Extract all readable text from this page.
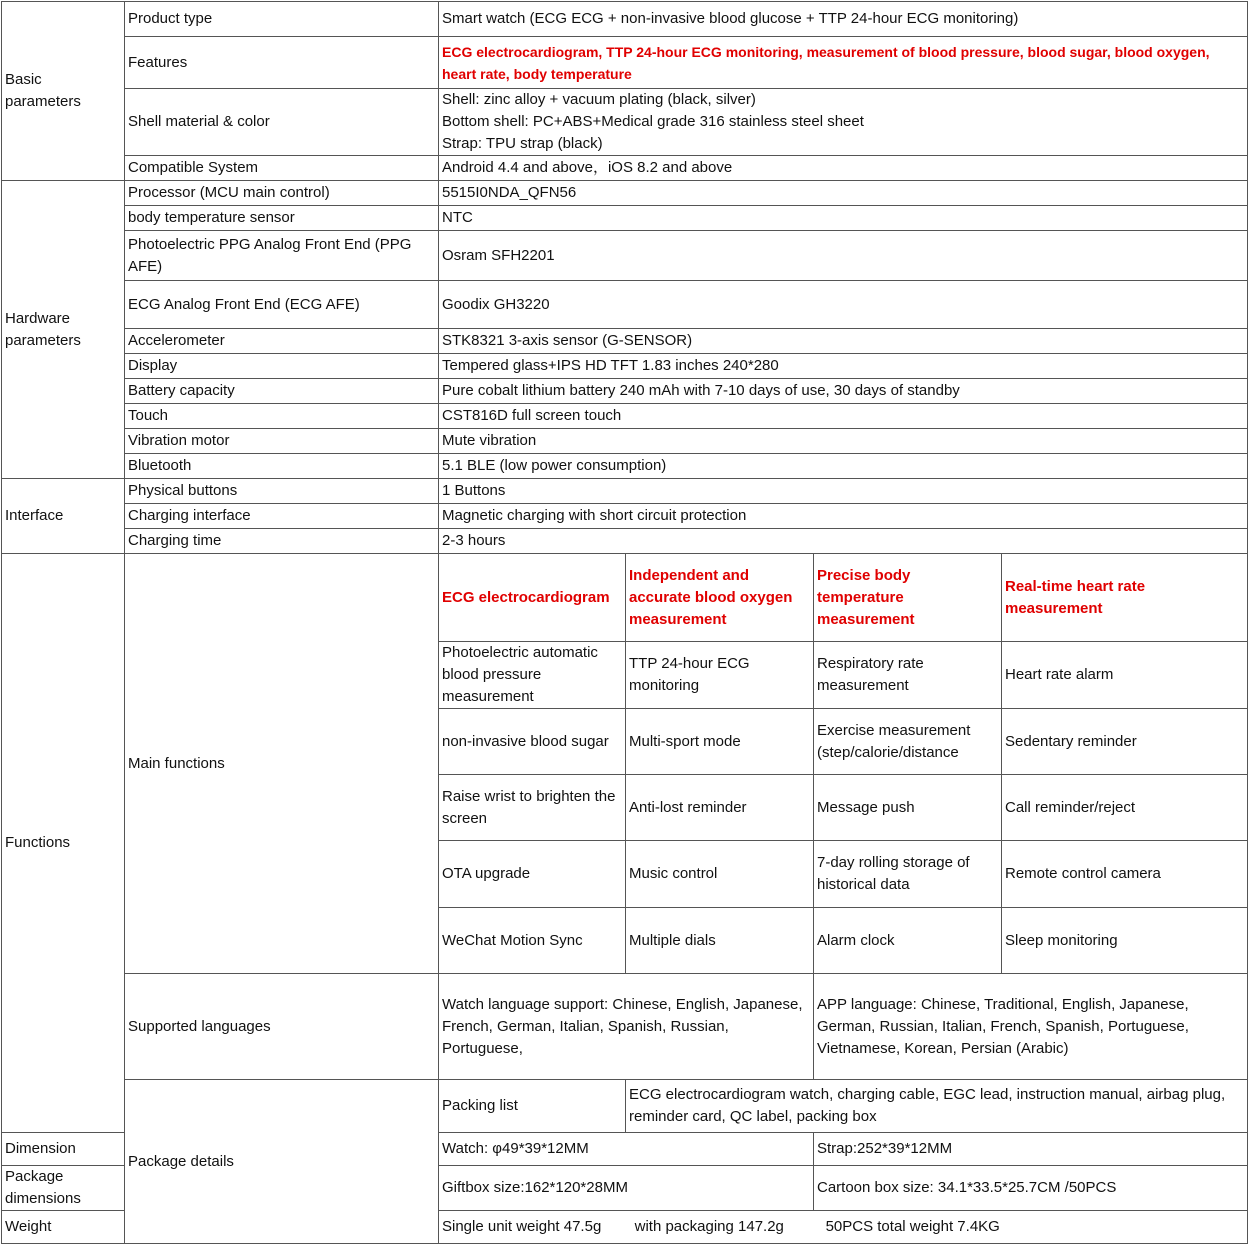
Basic parameters	Product type	Smart watch (ECG ECG + non-invasive blood glucose + TTP 24-hour ECG monitoring)			
	Features	ECG electrocardiogram, TTP 24-hour ECG monitoring, measurement of blood pressure, blood sugar, blood oxygen, heart rate, body temperature			
	Shell material & color	Shell: zinc alloy + vacuum plating (black, silver)
Bottom shell: PC+ABS+Medical grade 316 stainless steel sheet
Strap: TPU strap (black)			

	Compatible System	Android 4.4 and above，iOS 8.2 and above			
Hardware parameters	Processor (MCU main control)	5515I0NDA_QFN56			
	body temperature sensor	NTC			
	Photoelectric PPG Analog Front End (PPG AFE)	Osram SFH2201			
	ECG Analog Front End (ECG AFE)	Goodix GH3220			
	Accelerometer	STK8321 3-axis sensor (G-SENSOR)			
	Display	Tempered glass+IPS HD TFT 1.83 inches 240*280			
	Battery capacity	Pure cobalt lithium battery 240 mAh with 7-10 days of use, 30 days of standby			
	Touch	CST816D full screen touch			
	Vibration motor	Mute vibration			
	Bluetooth	5.1 BLE (low power consumption)			
Interface	Physical buttons	1 Buttons			
	Charging interface	Magnetic charging with short circuit protection			
	Charging time	2-3 hours			
Functions	Main functions	ECG electrocardiogram	Independent and accurate blood oxygen measurement	Precise body temperature measurement	Real-time heart rate measurement
		Photoelectric automatic blood pressure measurement	TTP 24-hour ECG monitoring	Respiratory rate measurement	Heart rate alarm
		non-invasive blood sugar	Multi-sport mode	Exercise measurement (step/calorie/distance	Sedentary reminder
		Raise wrist to brighten the screen	Anti-lost reminder	Message push	Call reminder/reject
		OTA upgrade	Music control	7-day rolling storage of historical data	Remote control camera
		WeChat Motion Sync	Multiple dials	Alarm clock	Sleep monitoring
	Supported languages	Watch language support: Chinese, English, Japanese, French, German, Italian, Spanish, Russian, Portuguese,		APP language: Chinese, Traditional, English, Japanese, German, Russian, Italian, French, Spanish, Portuguese, Vietnamese, Korean, Persian (Arabic)	
	Package details	Packing list	ECG electrocardiogram watch, charging cable, EGC lead, instruction manual, airbag plug, reminder card, QC label, packing box		
Dimension		Watch: φ49*39*12MM		Strap:252*39*12MM	
Package dimensions		Giftbox size:162*120*28MM		Cartoon box size: 34.1*33.5*25.7CM /50PCS	
Weight		Single unit weight 47.5g        with packaging 147.2g          50PCS total weight 7.4KG			
